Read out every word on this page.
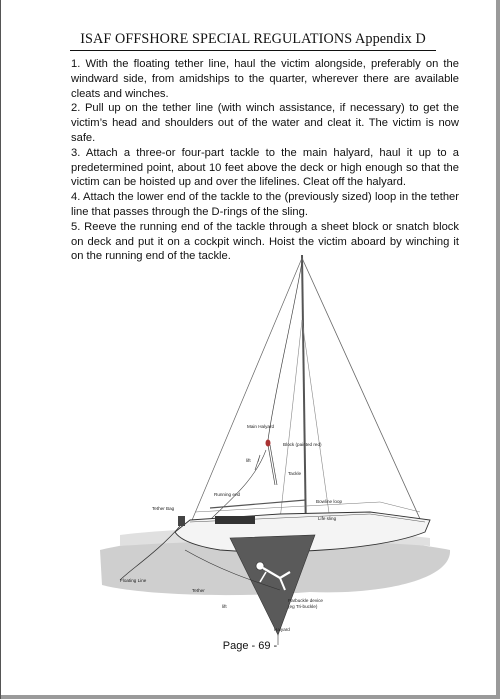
ISAF OFFSHORE SPECIAL REGULATIONS Appendix D

1. With the floating tether line, haul the victim alongside, preferably on the windward side, from amidships to the quarter, wherever there are available cleats and winches.

2. Pull up on the tether line (with winch assistance, if necessary) to get the victim’s head and shoulders out of the water and cleat it. The victim is now safe.

3. Attach a three-or four-part tackle to the main halyard, haul it up to a predetermined point, about 10 feet above the deck or high enough so that the victim can be hoisted up and over the lifelines. Cleat off the halyard.

4. Attach the lower end of the tackle to the (previously sized) loop in the tether line that passes through the D-rings of the sling.

5. Reeve the running end of the tackle through a sheet block or snatch block on deck and put it on a cockpit winch. Hoist the victim aboard by winching it on the running end of the tackle.

Main Halyard
Block (painted red)
Tackle
lift
Running end
Tether Bag
Bowline loop
Life sling
Floating Line
Tether
lift
Parbuckle device
(eg Tri-buckle)
Halyard
Page - 69 -
